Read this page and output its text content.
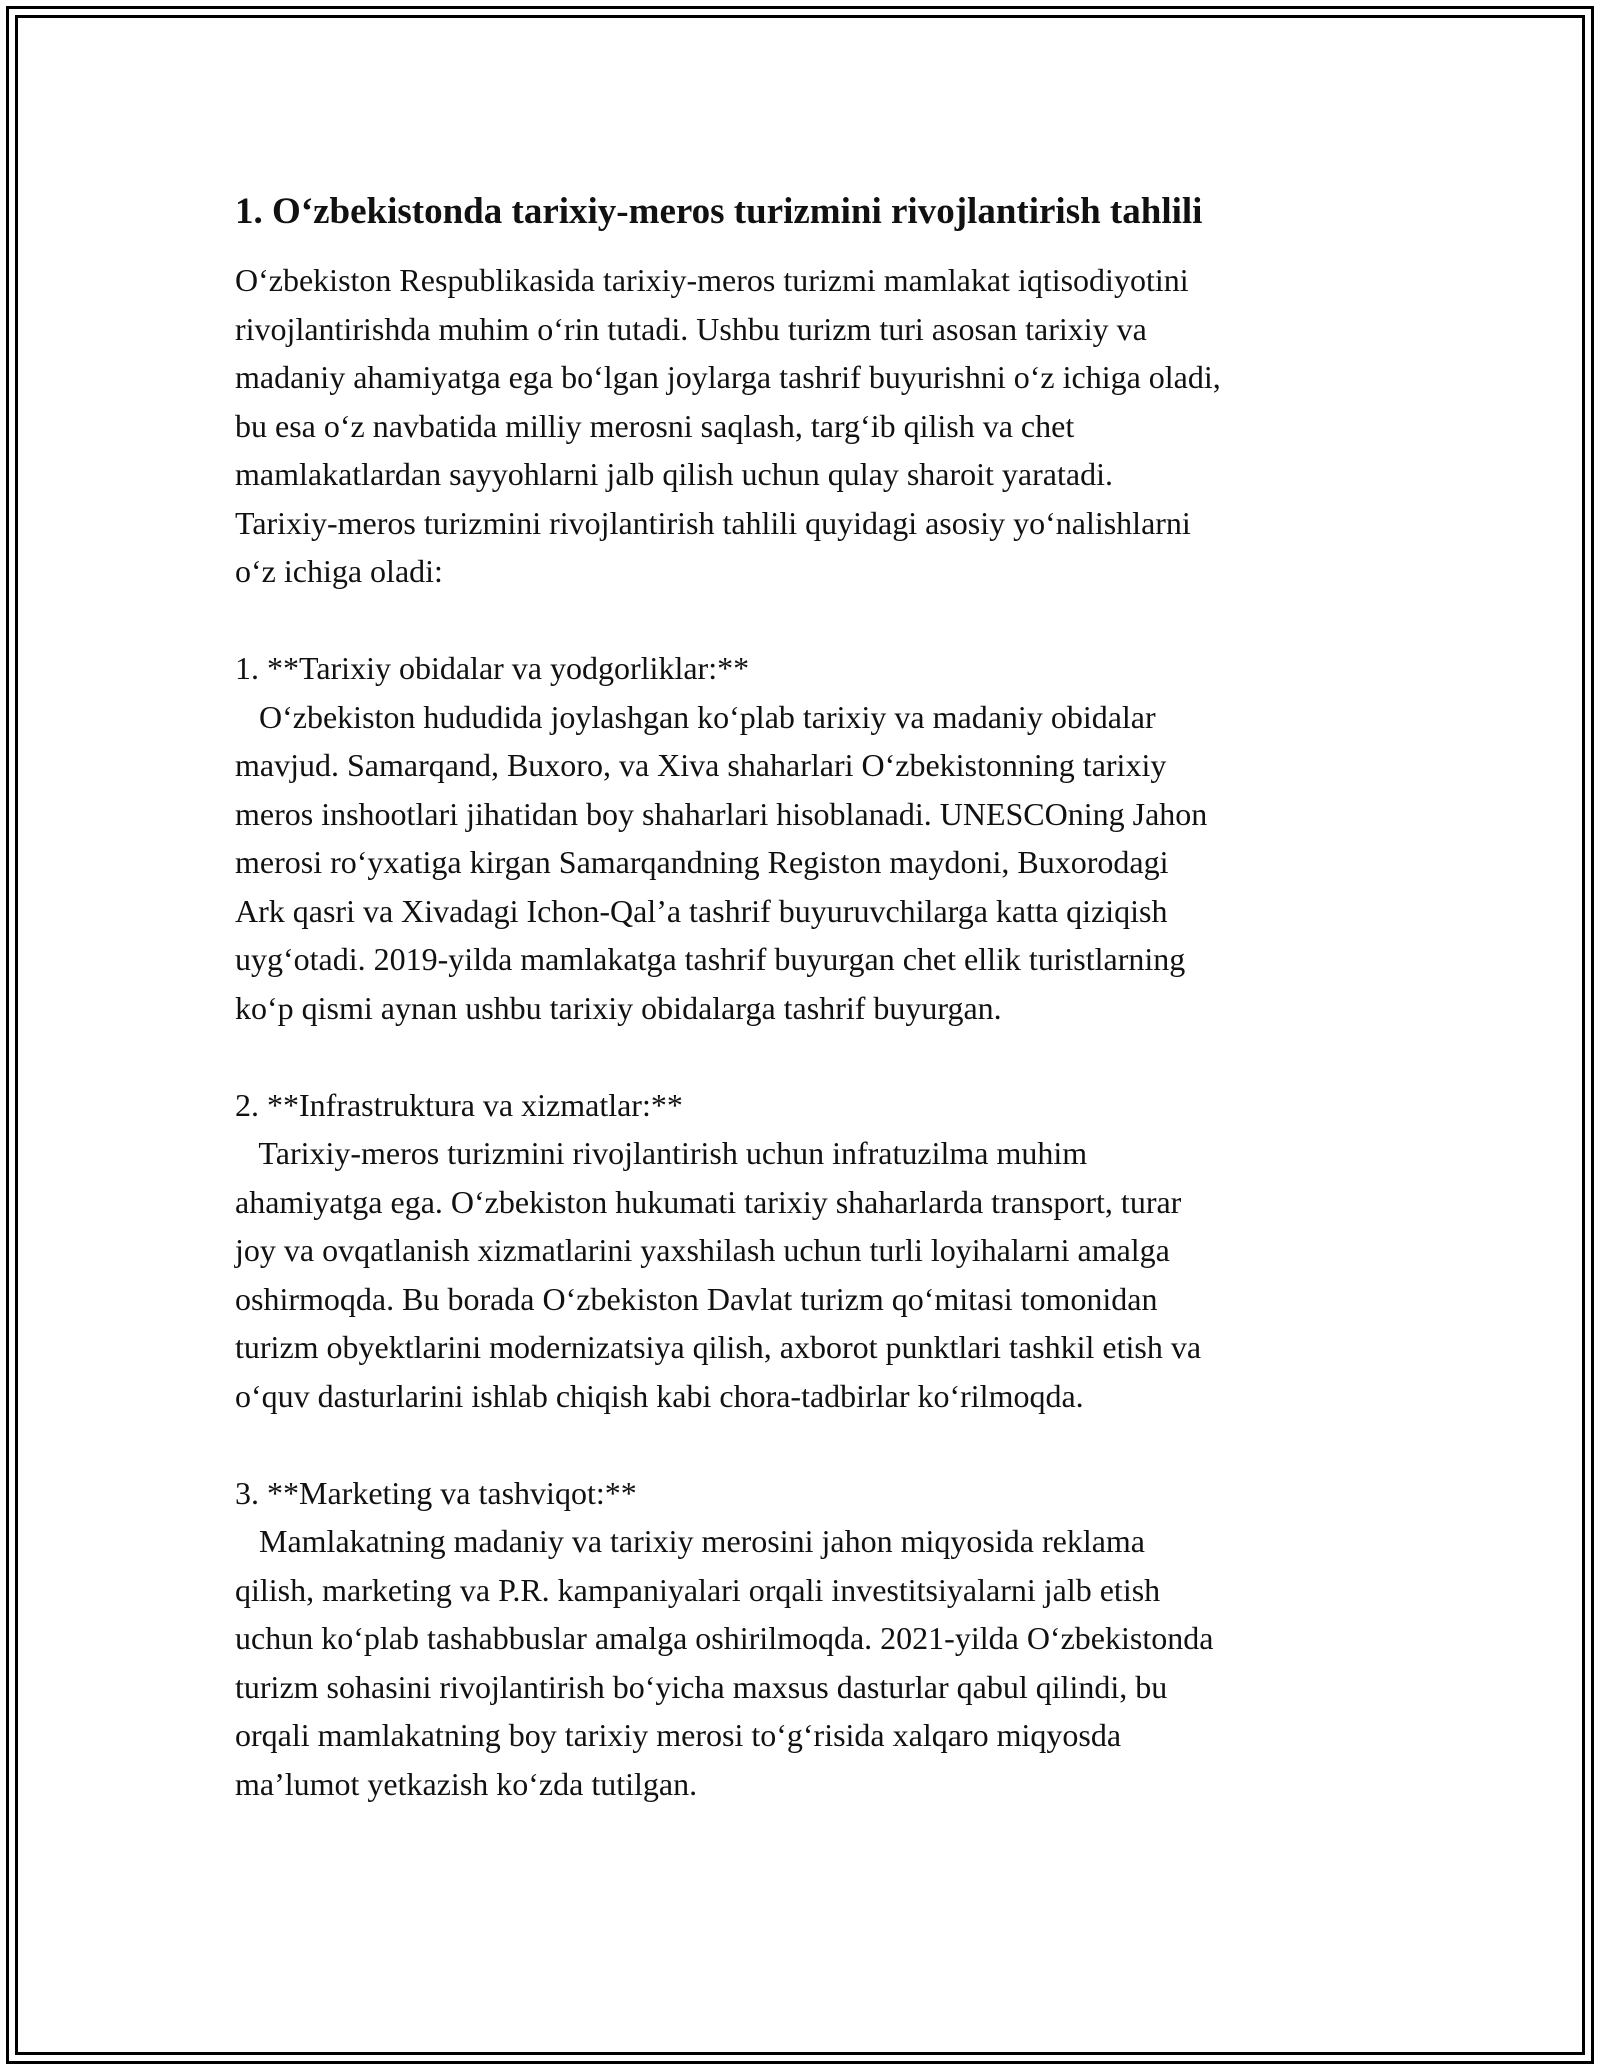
1. Oʻzbekistonda tarixiy-meros turizmini rivojlantirish tahlili
Oʻzbekiston Respublikasida tarixiy-meros turizmi mamlakat iqtisodiyotini
rivojlantirishda muhim oʻrin tutadi. Ushbu turizm turi asosan tarixiy va
madaniy ahamiyatga ega boʻlgan joylarga tashrif buyurishni oʻz ichiga oladi,
bu esa oʻz navbatida milliy merosni saqlash, targʻib qilish va chet
mamlakatlardan sayyohlarni jalb qilish uchun qulay sharoit yaratadi.
Tarixiy-meros turizmini rivojlantirish tahlili quyidagi asosiy yoʻnalishlarni
oʻz ichiga oladi:
1. **Tarixiy obidalar va yodgorliklar:**
Oʻzbekiston hududida joylashgan koʻplab tarixiy va madaniy obidalar
mavjud. Samarqand, Buxoro, va Xiva shaharlari Oʻzbekistonning tarixiy
meros inshootlari jihatidan boy shaharlari hisoblanadi. UNESCOning Jahon
merosi roʻyxatiga kirgan Samarqandning Registon maydoni, Buxorodagi
Ark qasri va Xivadagi Ichon-Qal’a tashrif buyuruvchilarga katta qiziqish
uygʻotadi. 2019-yilda mamlakatga tashrif buyurgan chet ellik turistlarning
koʻp qismi aynan ushbu tarixiy obidalarga tashrif buyurgan.
2. **Infrastruktura va xizmatlar:**
Tarixiy-meros turizmini rivojlantirish uchun infratuzilma muhim
ahamiyatga ega. Oʻzbekiston hukumati tarixiy shaharlarda transport, turar
joy va ovqatlanish xizmatlarini yaxshilash uchun turli loyihalarni amalga
oshirmoqda. Bu borada Oʻzbekiston Davlat turizm qoʻmitasi tomonidan
turizm obyektlarini modernizatsiya qilish, axborot punktlari tashkil etish va
oʻquv dasturlarini ishlab chiqish kabi chora-tadbirlar koʻrilmoqda.
3. **Marketing va tashviqot:**
Mamlakatning madaniy va tarixiy merosini jahon miqyosida reklama
qilish, marketing va P.R. kampaniyalari orqali investitsiyalarni jalb etish
uchun koʻplab tashabbuslar amalga oshirilmoqda. 2021-yilda Oʻzbekistonda
turizm sohasini rivojlantirish boʻyicha maxsus dasturlar qabul qilindi, bu
orqali mamlakatning boy tarixiy merosi toʻgʻrisida xalqaro miqyosda
ma’lumot yetkazish koʻzda tutilgan.
